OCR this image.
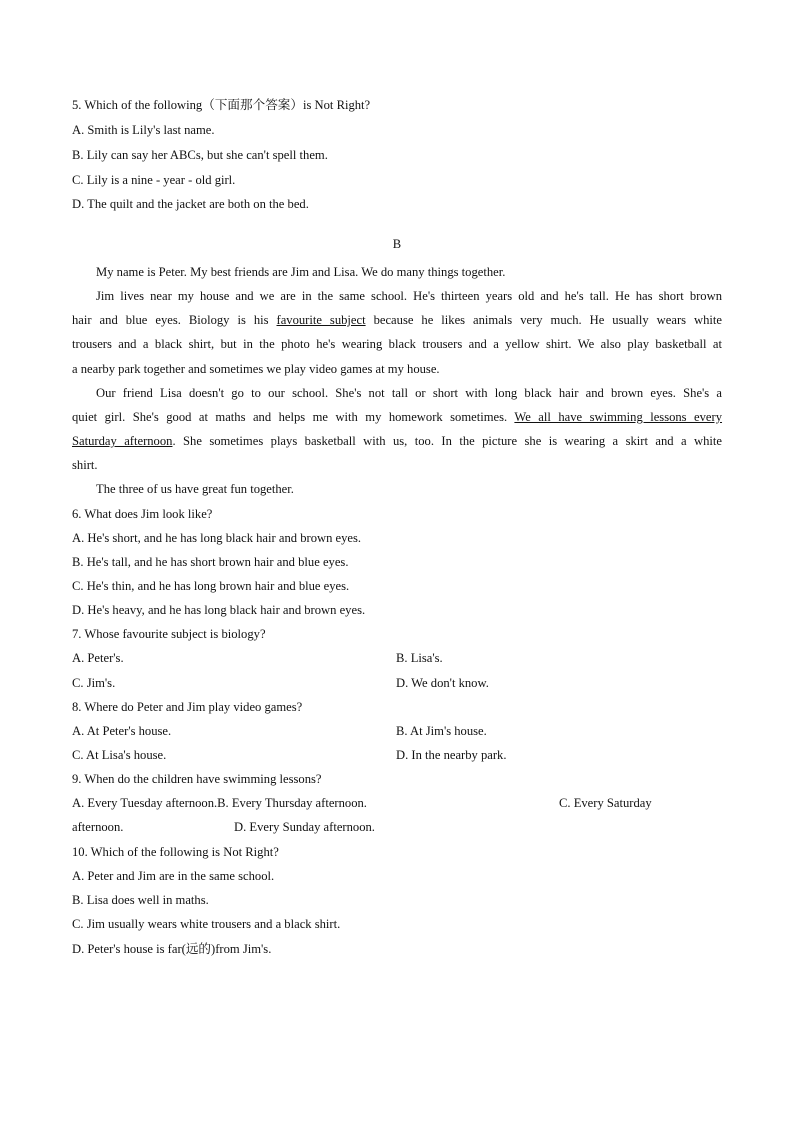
5. Which of the following（下面那个答案）is Not Right?
A. Smith is Lily's last name.
B. Lily can say her ABCs, but she can't spell them.
C. Lily is a nine - year - old girl.
D. The quilt and the jacket are both on the bed.
B
My name is Peter. My best friends are Jim and Lisa. We do many things together.
Jim lives near my house and we are in the same school. He's thirteen years old and he's tall. He has short brown
hair and blue eyes. Biology is his favourite subject because he likes animals very much. He usually wears white
trousers and a black shirt, but in the photo he's wearing black trousers and a yellow shirt. We also play basketball at
a nearby park together and sometimes we play video games at my house.
Our friend Lisa doesn't go to our school. She's not tall or short with long black hair and brown eyes. She's a
quiet girl. She's good at maths and helps me with my homework sometimes. We all have swimming lessons every
Saturday afternoon. She sometimes plays basketball with us, too. In the picture she is wearing a skirt and a white
shirt.
The three of us have great fun together.
6. What does Jim look like?
A. He's short, and he has long black hair and brown eyes.
B. He's tall, and he has short brown hair and blue eyes.
C. He's thin, and he has long brown hair and blue eyes.
D. He's heavy, and he has long black hair and brown eyes.
7. Whose favourite subject is biology?
A. Peter's.	B. Lisa's.
C. Jim's.	D. We don't know.
8. Where do Peter and Jim play video games?
A. At Peter's house.	B. At Jim's house.
C. At Lisa's house.	D. In the nearby park.
9. When do the children have swimming lessons?
A. Every Tuesday afternoon.B. Every Thursday afternoon.	C. Every Saturday
afternoon.	D. Every Sunday afternoon.
10. Which of the following is Not Right?
A. Peter and Jim are in the same school.
B. Lisa does well in maths.
C. Jim usually wears white trousers and a black shirt.
D. Peter's house is far(远的)from Jim's.
